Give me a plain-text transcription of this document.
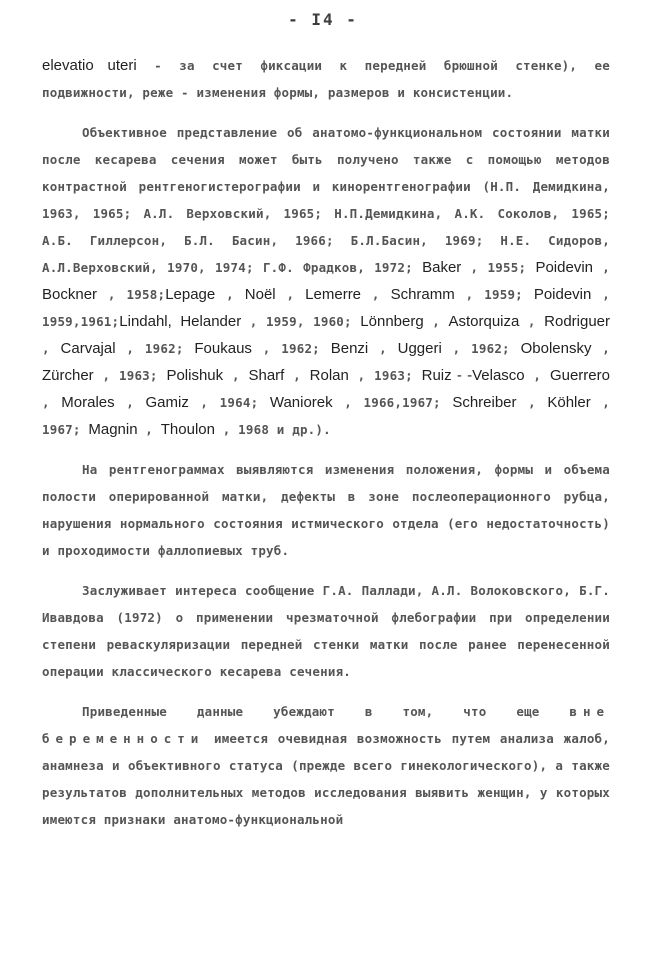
- I4 -

elevatio uteri - за счет фиксации к передней брюшной стенке), ее подвижности, реже - изменения формы, размеров и консистенции.

Объективное представление об анатомо-функциональном состоянии матки после кесарева сечения может быть получено также с помощью методов контрастной рентгеногистерографии и кинорентгенографии (Н.П. Демидкина, 1963, 1965; А.Л. Верховский, 1965; Н.П.Демидкина, А.К. Соколов, 1965; А.Б. Гиллерсон, Б.Л. Басин, 1966; Б.Л.Басин, 1969; Н.Е. Сидоров, А.Л.Верховский, 1970, 1974; Г.Ф. Фрадков, 1972; Baker , 1955; Poidevin , Bockner , 1958;Lepage , Noël , Lemerre , Schramm , 1959; Poidevin , 1959,1961;Lindahl, Helander , 1959, 1960; Lönnberg , Astorquiza , Rodriguer , Carvajal , 1962; Foukaus , 1962; Benzi , Uggeri , 1962; Obolensky , Zürcher , 1963; Polishuk , Sharf , Rolan , 1963; Ruiz - -Velasco , Guerrero , Morales , Gamiz , 1964; Waniorek , 1966,1967; Schreiber , Köhler , 1967; Magnin , Thoulon , 1968 и др.).

На рентгенограммах выявляются изменения положения, формы и объема полости оперированной матки, дефекты в зоне послеоперационного рубца, нарушения нормального состояния истмического отдела (его недостаточность) и проходимости фаллопиевых труб.

Заслуживает интереса сообщение Г.А. Паллади, А.Л. Волоковского, Б.Г. Ивавдова (1972) о применении чрезматочной флебографии при определении степени реваскуляризации передней стенки матки после ранее перенесенной операции классического кесарева сечения.

Приведенные данные убеждают в том, что еще вне беременности имеется очевидная возможность путем анализа жалоб, анамнеза и объективного статуса (прежде всего гинекологического), а также результатов дополнительных методов исследования выявить женщин, у которых имеются признаки анатомо-функциональной
